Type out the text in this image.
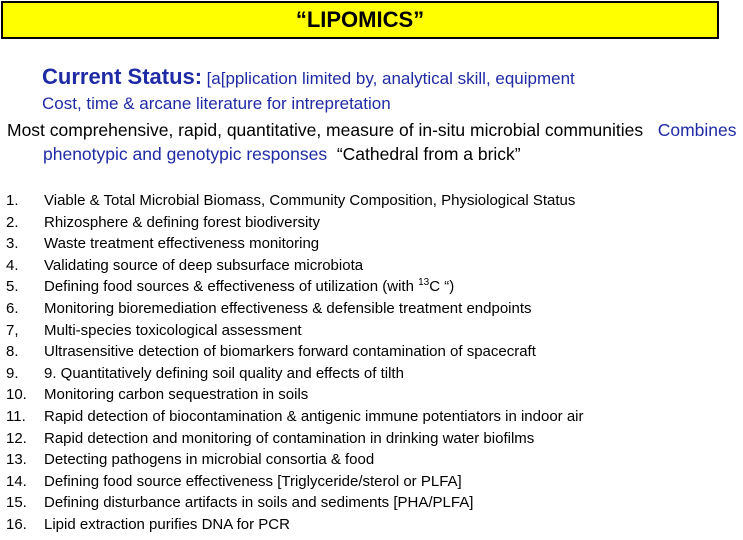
“LIPOMICS”
Current Status: [a[pplication limited by, analytical skill, equipment
Cost, time & arcane literature for intrepretation
Most comprehensive, rapid, quantitative, measure of in-situ microbial communities Combines phenotypic and genotypic responses “Cathedral from a brick”
1.	Viable & Total Microbial Biomass, Community Composition, Physiological Status
2.	Rhizosphere & defining forest biodiversity
3.	Waste treatment effectiveness monitoring
4.	Validating source of deep subsurface microbiota
5.	Defining food sources & effectiveness of utilization (with $^{13}$C “)
6.	Monitoring bioremediation effectiveness & defensible treatment endpoints
7,	Multi-species toxicological assessment
8.	Ultrasensitive detection of biomarkers forward contamination of spacecraft
9.	9. Quantitatively defining soil quality and effects of tilth
10.	Monitoring carbon sequestration in soils
11.	Rapid detection of biocontamination & antigenic immune potentiators in indoor air
12.	Rapid detection and monitoring of contamination in drinking water biofilms
13.	Detecting pathogens in microbial consortia & food
14.	Defining food source effectiveness [Triglyceride/sterol or PLFA]
15.	Defining disturbance artifacts in soils and sediments [PHA/PLFA]
16.	Lipid extraction purifies DNA for PCR
